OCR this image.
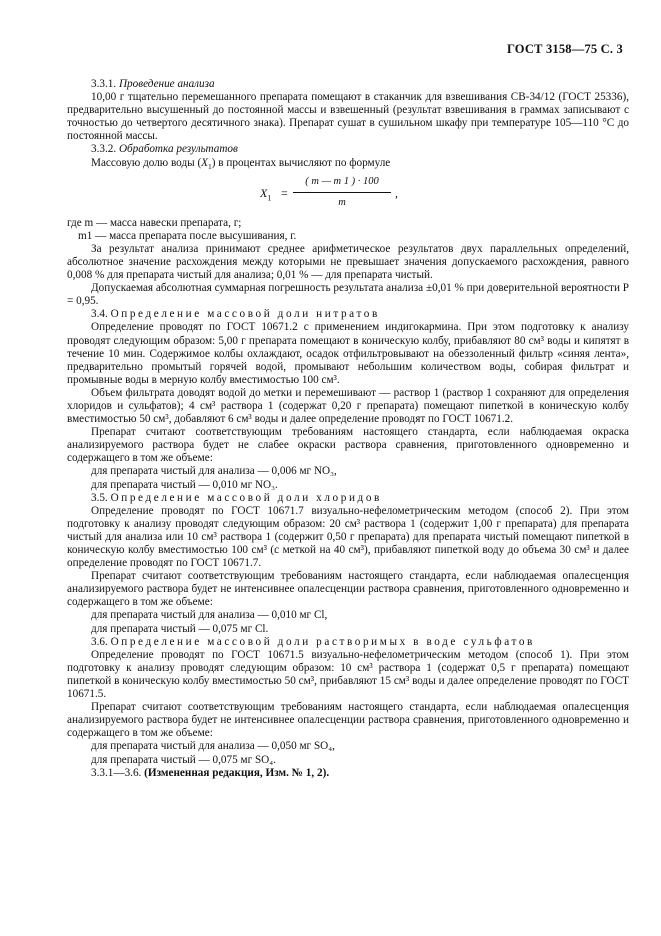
ГОСТ 3158—75 С. 3

3.3.1. Проведение анализа

10,00 г тщательно перемешанного препарата помещают в стаканчик для взвешивания СВ-34/12 (ГОСТ 25336), предварительно высушенный до постоянной массы и взвешенный (результат взвешивания в граммах записывают с точностью до четвертого десятичного знака). Препарат сушат в сушильном шкафу при температуре 105—110 °С до постоянной массы.

3.3.2. Обработка результатов

Массовую долю воды $(X_1)$ в процентах вычисляют по формуле

$X_1$ =
( m — m 1 ) · 100
m
,

где m — масса навески препарата, г;

m1 — масса препарата после высушивания, г.

За результат анализа принимают среднее арифметическое результатов двух параллельных определений, абсолютное значение расхождения между которыми не превышает значения допускаемого расхождения, равного 0,008 % для препарата чистый для анализа; 0,01 % — для препарата чистый.

Допускаемая абсолютная суммарная погрешность результата анализа ±0,01 % при доверительной вероятности P = 0,95.

3.4. Определение массовой доли нитратов

Определение проводят по ГОСТ 10671.2 с применением индигокармина. При этом подготовку к анализу проводят следующим образом: 5,00 г препарата помещают в коническую колбу, прибавляют 80 см³ воды и кипятят в течение 10 мин. Содержимое колбы охлаждают, осадок отфильтровывают на обеззоленный фильтр «синяя лента», предварительно промытый горячей водой, промывают небольшим количеством воды, собирая фильтрат и промывные воды в мерную колбу вместимостью 100 см³.

Объем фильтрата доводят водой до метки и перемешивают — раствор 1 (раствор 1 сохраняют для определения хлоридов и сульфатов); 4 см³ раствора 1 (содержат 0,20 г препарата) помещают пипеткой в коническую колбу вместимостью 50 см³, добавляют 6 см³ воды и далее определение проводят по ГОСТ 10671.2.

Препарат считают соответствующим требованиям настоящего стандарта, если наблюдаемая окраска анализируемого раствора будет не слабее окраски раствора сравнения, приготовленного одновременно и содержащего в том же объеме:

для препарата чистый для анализа — 0,006 мг NO₃,

для препарата чистый — 0,010 мг NO₃.

3.5. Определение массовой доли хлоридов

Определение проводят по ГОСТ 10671.7 визуально-нефелометрическим методом (способ 2). При этом подготовку к анализу проводят следующим образом: 20 см³ раствора 1 (содержит 1,00 г препарата) для препарата чистый для анализа или 10 см³ раствора 1 (содержит 0,50 г препарата) для препарата чистый помещают пипеткой в коническую колбу вместимостью 100 см³ (с меткой на 40 см³), прибавляют пипеткой воду до объема 30 см³ и далее определение проводят по ГОСТ 10671.7.

Препарат считают соответствующим требованиям настоящего стандарта, если наблюдаемая опалесценция анализируемого раствора будет не интенсивнее опалесценции раствора сравнения, приготовленного одновременно и содержащего в том же объеме:

для препарата чистый для анализа — 0,010 мг Cl,

для препарата чистый — 0,075 мг Cl.

3.6. Определение массовой доли растворимых в воде сульфатов

Определение проводят по ГОСТ 10671.5 визуально-нефелометрическим методом (способ 1). При этом подготовку к анализу проводят следующим образом: 10 см³ раствора 1 (содержат 0,5 г препарата) помещают пипеткой в коническую колбу вместимостью 50 см³, прибавляют 15 см³ воды и далее определение проводят по ГОСТ 10671.5.

Препарат считают соответствующим требованиям настоящего стандарта, если наблюдаемая опалесценция анализируемого раствора будет не интенсивнее опалесценции раствора сравнения, приготовленного одновременно и содержащего в том же объеме:

для препарата чистый для анализа — 0,050 мг SO₄,

для препарата чистый — 0,075 мг SO₄.

3.3.1—3.6. (Измененная редакция, Изм. № 1, 2).
